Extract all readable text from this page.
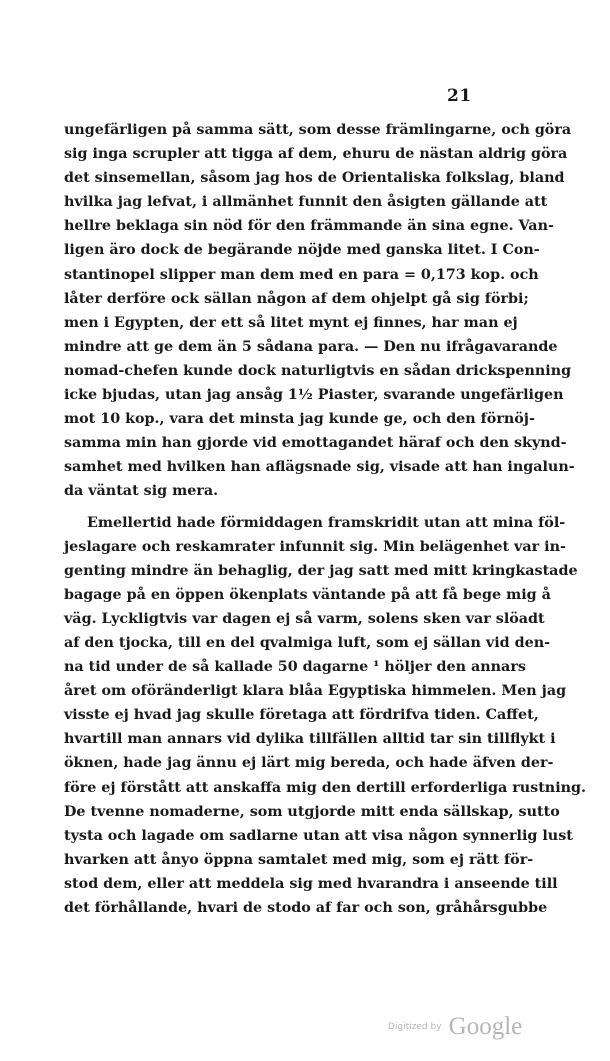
21
ungefärligen på samma sätt, som desse främlingarne, och göra
sig inga scrupler att tigga af dem, ehuru de nästan aldrig göra
det sinsemellan, såsom jag hos de Orientaliska folkslag, bland
hvilka jag lefvat, i allmänhet funnit den åsigten gällande att
hellre beklaga sin nöd för den främmande än sina egne. Van-
ligen äro dock de begärande nöjde med ganska litet. I Con-
stantinopel slipper man dem med en para = 0,173 kop. och
låter derföre ock sällan någon af dem ohjelpt gå sig förbi;
men i Egypten, der ett så litet mynt ej finnes, har man ej
mindre att ge dem än 5 sådana para. — Den nu ifrågavarande
nomad-chefen kunde dock naturligtvis en sådan drickspenning
icke bjudas, utan jag ansåg 1½ Piaster, svarande ungefärligen
mot 10 kop., vara det minsta jag kunde ge, och den förnöj-
samma min han gjorde vid emottagandet häraf och den skynd-
samhet med hvilken han aflägsnade sig, visade att han ingalun-
da väntat sig mera.
Emellertid hade förmiddagen framskridit utan att mina föl-
jeslagare och reskamrater infunnit sig. Min belägenhet var in-
genting mindre än behaglig, der jag satt med mitt kringkastade
bagage på en öppen ökenplats väntande på att få bege mig å
väg. Lyckligtvis var dagen ej så varm, solens sken var slöadt
af den tjocka, till en del qvalmiga luft, som ej sällan vid den-
na tid under de så kallade 50 dagarne ¹ höljer den annars
året om oföränderligt klara blåa Egyptiska himmelen. Men jag
visste ej hvad jag skulle företaga att fördrifva tiden. Caffet,
hvartill man annars vid dylika tillfällen alltid tar sin tillflykt i
öknen, hade jag ännu ej lärt mig bereda, och hade äfven der-
före ej förstått att anskaffa mig den dertill erforderliga rustning.
De tvenne nomaderne, som utgjorde mitt enda sällskap, sutto
tysta och lagade om sadlarne utan att visa någon synnerlig lust
hvarken att ånyo öppna samtalet med mig, som ej rätt för-
stod dem, eller att meddela sig med hvarandra i anseende till
det förhållande, hvari de stodo af far och son, gråhårsgubbe
Digitized by Google
